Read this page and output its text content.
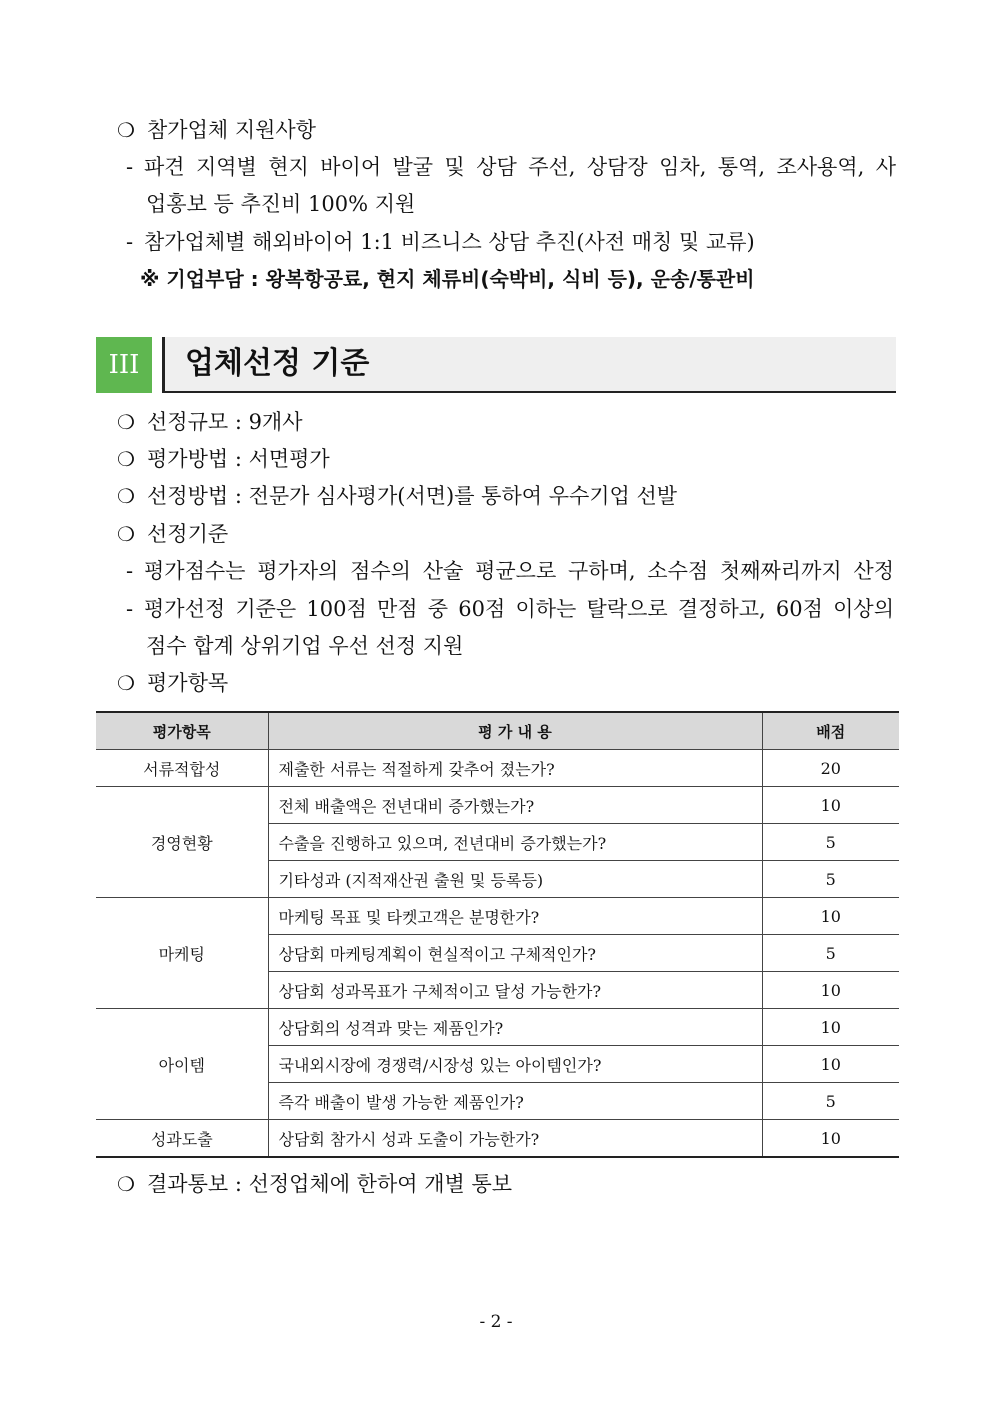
❍ 참가업체 지원사항
- 파견 지역별 현지 바이어 발굴 및 상담 주선, 상담장 임차, 통역, 조사용역, 사
업홍보 등 추진비 100% 지원
- 참가업체별 해외바이어 1:1 비즈니스 상담 추진(사전 매칭 및 교류)
※ 기업부담 : 왕복항공료, 현지 체류비(숙박비, 식비 등), 운송/통관비
III	업체선정 기준
❍ 선정규모 : 9개사
❍ 평가방법 : 서면평가
❍ 선정방법 : 전문가 심사평가(서면)를 통하여 우수기업 선발
❍ 선정기준
- 평가점수는 평가자의 점수의 산술 평균으로 구하며, 소수점 첫째짜리까지 산정
- 평가선정 기준은 100점 만점 중 60점 이하는 탈락으로 결정하고, 60점 이상의
점수 합계 상위기업 우선 선정 지원
❍ 평가항목
평가항목	평 가 내 용	배점
서류적합성	제출한 서류는 적절하게 갖추어 졌는가?	20
경영현황	전체 배출액은 전년대비 증가했는가?	10
	수출을 진행하고 있으며, 전년대비 증가했는가?	5
	기타성과 (지적재산권 출원 및 등록등)	5
마케팅	마케팅 목표 및 타켓고객은 분명한가?	10
	상담회 마케팅계획이 현실적이고 구체적인가?	5
	상담회 성과목표가 구체적이고 달성 가능한가?	10
아이템	상담회의 성격과 맞는 제품인가?	10
	국내외시장에 경쟁력/시장성 있는 아이템인가?	10
	즉각 배출이 발생 가능한 제품인가?	5
성과도출	상담회 참가시 성과 도출이 가능한가?	10
❍ 결과통보 : 선정업체에 한하여 개별 통보
- 2 -
